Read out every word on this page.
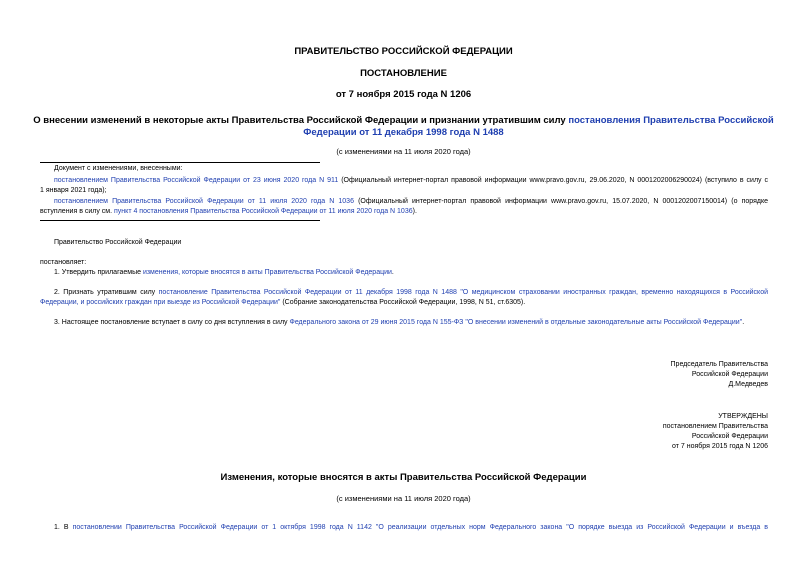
ПРАВИТЕЛЬСТВО РОССИЙСКОЙ ФЕДЕРАЦИИ
ПОСТАНОВЛЕНИЕ
от 7 ноября 2015 года N 1206
О внесении изменений в некоторые акты Правительства Российской Федерации и признании утратившим силу постановления Правительства Российской
Федерации от 11 декабря 1998 года N 1488
(с изменениями на 11 июля 2020 года)
Документ с изменениями, внесенными:
постановлением Правительства Российской Федерации от 23 июня 2020 года N 911 (Официальный интернет-портал правовой информации www.pravo.gov.ru, 29.06.2020, N 0001202006290024) (вступило в силу с
1 января 2021 года);
постановлением Правительства Российской Федерации от 11 июля 2020 года N 1036 (Официальный интернет-портал правовой информации www.pravo.gov.ru, 15.07.2020, N 0001202007150014) (о порядке
вступления в силу см. пункт 4 постановления Правительства Российской Федерации от 11 июля 2020 года N 1036).
Правительство Российской Федерации
постановляет:
1. Утвердить прилагаемые изменения, которые вносятся в акты Правительства Российской Федерации.
2. Признать утратившим силу постановление Правительства Российской Федерации от 11 декабря 1998 года N 1488 "О медицинском страховании иностранных граждан, временно находящихся в Российской
Федерации, и российских граждан при выезде из Российской Федерации" (Собрание законодательства Российской Федерации, 1998, N 51, ст.6305).
3. Настоящее постановление вступает в силу со дня вступления в силу Федерального закона от 29 июня 2015 года N 155-ФЗ "О внесении изменений в отдельные законодательные акты Российской Федерации".
Председатель Правительства
Российской Федерации
Д.Медведев
УТВЕРЖДЕНЫ
постановлением Правительства
Российской Федерации
от 7 ноября 2015 года N 1206
Изменения, которые вносятся в акты Правительства Российской Федерации
(с изменениями на 11 июля 2020 года)
1. В постановлении Правительства Российской Федерации от 1 октября 1998 года N 1142 "О реализации отдельных норм Федерального закона "О порядке выезда из Российской Федерации и въезда в
